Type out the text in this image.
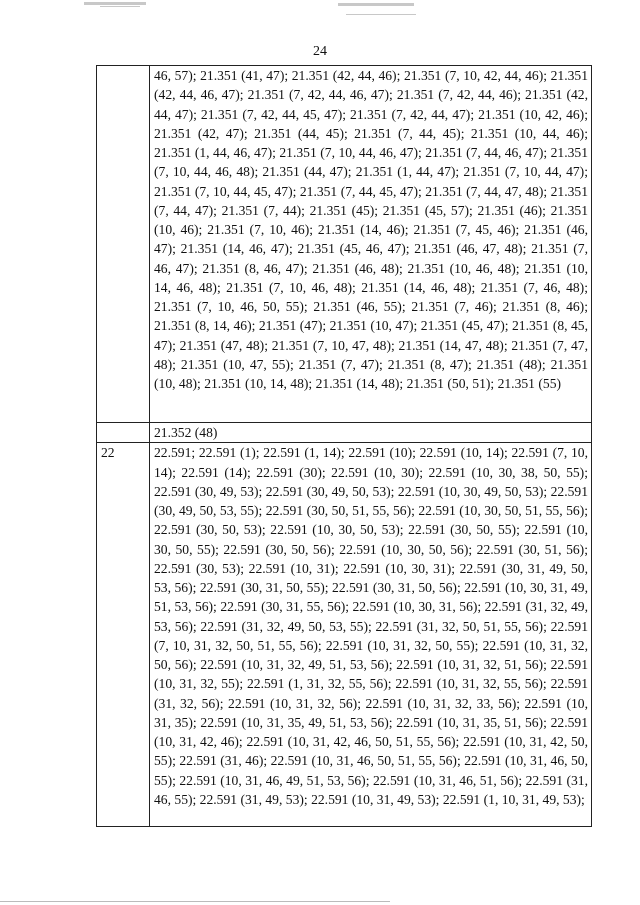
24
	46, 57); 21.351 (41, 47); 21.351 (42, 44, 46); 21.351 (7, 10, 42, 44, 46); 21.351 (42, 44, 46, 47); 21.351 (7, 42, 44, 46, 47); 21.351 (7, 42, 44, 46); 21.351 (42, 44, 47); 21.351 (7, 42, 44, 45, 47); 21.351 (7, 42, 44, 47); 21.351 (10, 42, 46); 21.351 (42, 47); 21.351 (44, 45); 21.351 (7, 44, 45); 21.351 (10, 44, 46); 21.351 (1, 44, 46, 47); 21.351 (7, 10, 44, 46, 47); 21.351 (7, 44, 46, 47); 21.351 (7, 10, 44, 46, 48); 21.351 (44, 47); 21.351 (1, 44, 47); 21.351 (7, 10, 44, 47); 21.351 (7, 10, 44, 45, 47); 21.351 (7, 44, 45, 47); 21.351 (7, 44, 47, 48); 21.351 (7, 44, 47); 21.351 (7, 44); 21.351 (45); 21.351 (45, 57); 21.351 (46); 21.351 (10, 46); 21.351 (7, 10, 46); 21.351 (14, 46); 21.351 (7, 45, 46); 21.351 (46, 47); 21.351 (14, 46, 47); 21.351 (45, 46, 47); 21.351 (46, 47, 48); 21.351 (7, 46, 47); 21.351 (8, 46, 47); 21.351 (46, 48); 21.351 (10, 46, 48); 21.351 (10, 14, 46, 48); 21.351 (7, 10, 46, 48); 21.351 (14, 46, 48); 21.351 (7, 46, 48); 21.351 (7, 10, 46, 50, 55); 21.351 (46, 55); 21.351 (7, 46); 21.351 (8, 46); 21.351 (8, 14, 46); 21.351 (47); 21.351 (10, 47); 21.351 (45, 47); 21.351 (8, 45, 47); 21.351 (47, 48); 21.351 (7, 10, 47, 48); 21.351 (14, 47, 48); 21.351 (7, 47, 48); 21.351 (10, 47, 55); 21.351 (7, 47); 21.351 (8, 47); 21.351 (48); 21.351 (10, 48); 21.351 (10, 14, 48); 21.351 (14, 48); 21.351 (50, 51); 21.351 (55)
	21.352 (48)
22	22.591; 22.591 (1); 22.591 (1, 14); 22.591 (10); 22.591 (10, 14); 22.591 (7, 10, 14); 22.591 (14); 22.591 (30); 22.591 (10, 30); 22.591 (10, 30, 38, 50, 55); 22.591 (30, 49, 53); 22.591 (30, 49, 50, 53); 22.591 (10, 30, 49, 50, 53); 22.591 (30, 49, 50, 53, 55); 22.591 (30, 50, 51, 55, 56); 22.591 (10, 30, 50, 51, 55, 56); 22.591 (30, 50, 53); 22.591 (10, 30, 50, 53); 22.591 (30, 50, 55); 22.591 (10, 30, 50, 55); 22.591 (30, 50, 56); 22.591 (10, 30, 50, 56); 22.591 (30, 51, 56); 22.591 (30, 53); 22.591 (10, 31); 22.591 (10, 30, 31); 22.591 (30, 31, 49, 50, 53, 56); 22.591 (30, 31, 50, 55); 22.591 (30, 31, 50, 56); 22.591 (10, 30, 31, 49, 51, 53, 56); 22.591 (30, 31, 55, 56); 22.591 (10, 30, 31, 56); 22.591 (31, 32, 49, 53, 56); 22.591 (31, 32, 49, 50, 53, 55); 22.591 (31, 32, 50, 51, 55, 56); 22.591 (7, 10, 31, 32, 50, 51, 55, 56); 22.591 (10, 31, 32, 50, 55); 22.591 (10, 31, 32, 50, 56); 22.591 (10, 31, 32, 49, 51, 53, 56); 22.591 (10, 31, 32, 51, 56); 22.591 (10, 31, 32, 55); 22.591 (1, 31, 32, 55, 56); 22.591 (10, 31, 32, 55, 56); 22.591 (31, 32, 56); 22.591 (10, 31, 32, 56); 22.591 (10, 31, 32, 33, 56); 22.591 (10, 31, 35); 22.591 (10, 31, 35, 49, 51, 53, 56); 22.591 (10, 31, 35, 51, 56); 22.591 (10, 31, 42, 46); 22.591 (10, 31, 42, 46, 50, 51, 55, 56); 22.591 (10, 31, 42, 50, 55); 22.591 (31, 46); 22.591 (10, 31, 46, 50, 51, 55, 56); 22.591 (10, 31, 46, 50, 55); 22.591 (10, 31, 46, 49, 51, 53, 56); 22.591 (10, 31, 46, 51, 56); 22.591 (31, 46, 55); 22.591 (31, 49, 53); 22.591 (10, 31, 49, 53); 22.591 (1, 10, 31, 49, 53);
